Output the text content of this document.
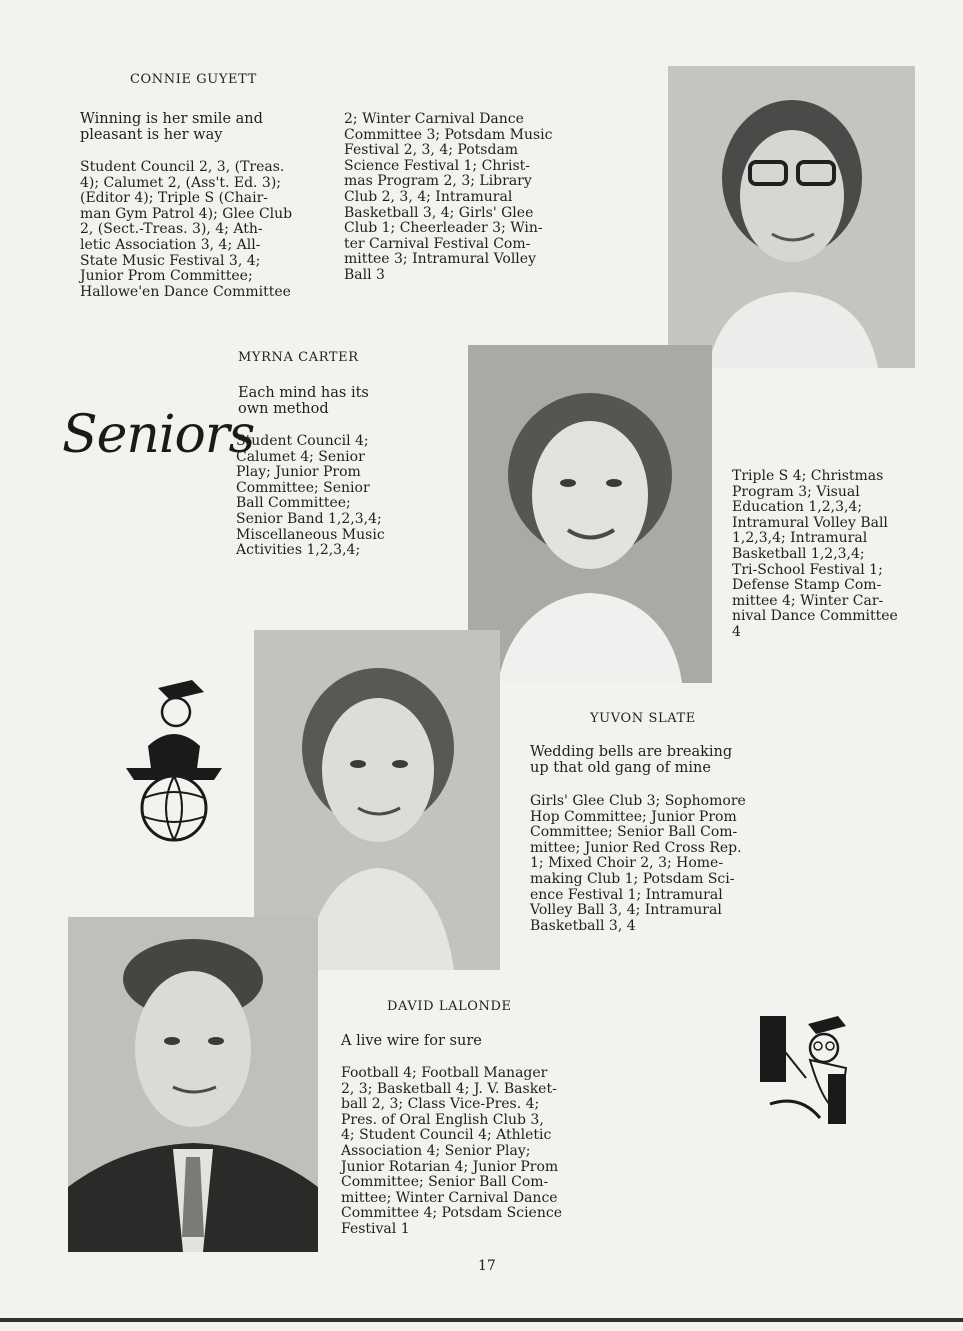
CONNIE GUYETT
Winning is her smile and
pleasant is her way
Student Council 2, 3, (Treas.
4); Calumet 2, (Ass't. Ed. 3);
(Editor 4); Triple S (Chair-
man Gym Patrol 4); Glee Club
2, (Sect.-Treas. 3), 4; Ath-
letic Association 3, 4; All-
State Music Festival 3, 4;
Junior Prom Committee;
Hallowe'en Dance Committee
2; Winter Carnival Dance
Committee 3; Potsdam Music
Festival 2, 3, 4; Potsdam
Science Festival 1; Christ-
mas Program 2, 3; Library
Club 2, 3, 4; Intramural
Basketball 3, 4; Girls' Glee
Club 1; Cheerleader 3; Win-
ter Carnival Festival Com-
mittee 3; Intramural Volley
Ball 3
MYRNA CARTER
Each mind has its
own method
Seniors
Student Council 4;
Calumet 4; Senior
Play; Junior Prom
Committee; Senior
Ball Committee;
Senior Band 1,2,3,4;
Miscellaneous Music
Activities 1,2,3,4;
Triple S 4; Christmas
Program 3; Visual
Education 1,2,3,4;
Intramural Volley Ball
1,2,3,4; Intramural
Basketball 1,2,3,4;
Tri-School Festival 1;
Defense Stamp Com-
mittee 4; Winter Car-
nival Dance Committee
4
YUVON SLATE
Wedding bells are breaking
up that old gang of mine
Girls' Glee Club 3; Sophomore
Hop Committee; Junior Prom
Committee; Senior Ball Com-
mittee; Junior Red Cross Rep.
1; Mixed Choir 2, 3; Home-
making Club 1; Potsdam Sci-
ence Festival 1; Intramural
Volley Ball 3, 4; Intramural
Basketball 3, 4
DAVID LALONDE
A live wire for sure
Football 4; Football Manager
2, 3; Basketball 4; J. V. Basket-
ball 2, 3; Class Vice-Pres. 4;
Pres. of Oral English Club 3,
4; Student Council 4; Athletic
Association 4; Senior Play;
Junior Rotarian 4; Junior Prom
Committee; Senior Ball Com-
mittee; Winter Carnival Dance
Committee 4; Potsdam Science
Festival 1
17
